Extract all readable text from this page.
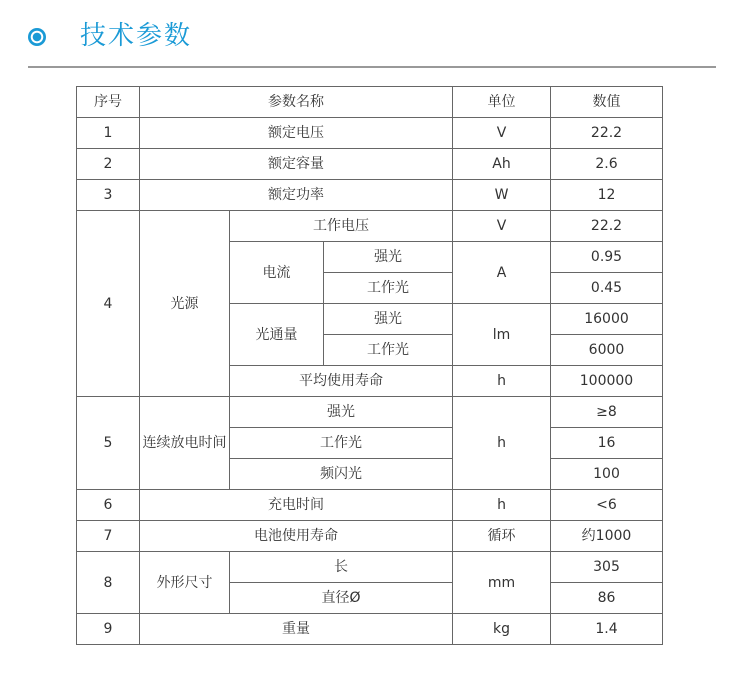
技术参数
序号	参数名称			单位	数值
1	额定电压			V	22.2
2	额定容量			Ah	2.6
3	额定功率			W	12
4	光源	工作电压		V	22.2
		电流	强光	A	0.95
			工作光		0.45
		光通量	强光	lm	16000
			工作光		6000
		平均使用寿命		h	100000
5	连续放电时间	强光		h	≥8
		工作光			16
		频闪光			100
6	充电时间			h	<6
7	电池使用寿命			循环	约1000
8	外形尺寸	长		mm	305
		直径Ø			86
9	重量			kg	1.4
